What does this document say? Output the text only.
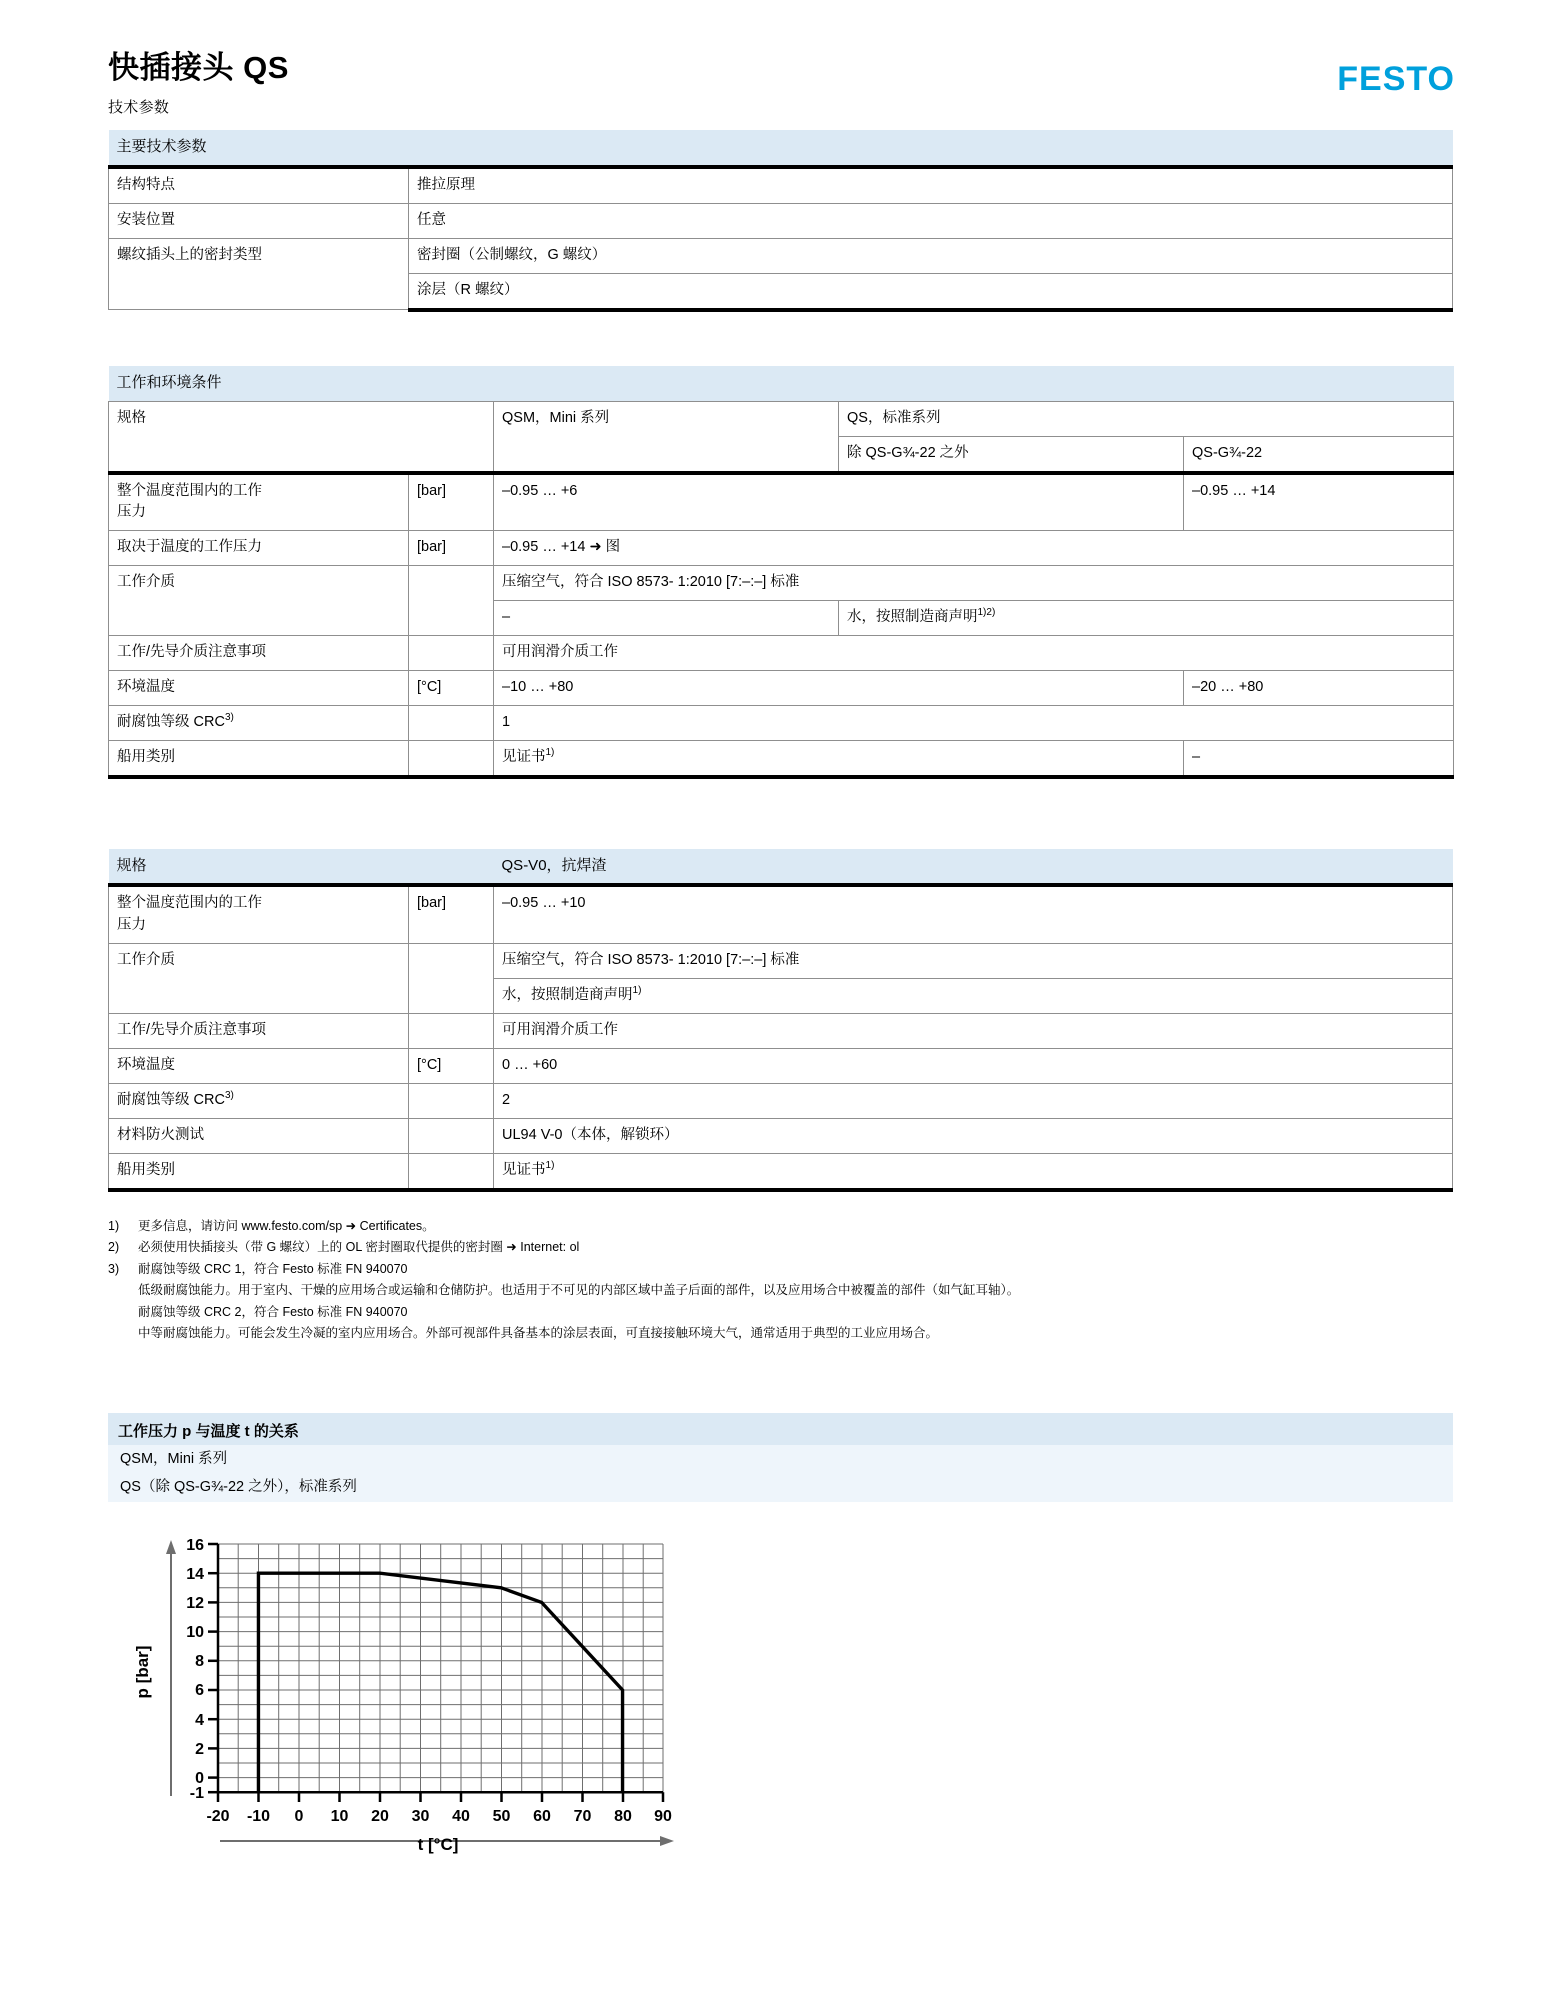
快插接头 QS
技术参数
FESTO
主要技术参数	
结构特点	推拉原理
安装位置	任意
螺纹插头上的密封类型	密封圈（公制螺纹，G 螺纹）
	涂层（R 螺纹）
工作和环境条件				
规格		QSM，Mini 系列	QS，标准系列	
			除 QS-G¾-22 之外	QS-G¾-22
整个温度范围内的工作
压力	[bar]	–0.95 … +6		–0.95 … +14
取决于温度的工作压力	[bar]	–0.95 … +14 ➜ 图		
工作介质		压缩空气，符合 ISO 8573- 1:2010 [7:–:–] 标准		
		–	水，按照制造商声明$^{1)2)}$
工作/先导介质注意事项		可用润滑介质工作		
环境温度	[°C]	–10 … +80		–20 … +80
耐腐蚀等级 CRC$^{3)}$		1		
船用类别		见证书$^{1)}$		–
规格		QS-V0，抗焊渣
整个温度范围内的工作
压力	[bar]	–0.95 … +10
工作介质		压缩空气，符合 ISO 8573- 1:2010 [7:–:–] 标准
		水，按照制造商声明$^{1)}$
工作/先导介质注意事项		可用润滑介质工作
环境温度	[°C]	0 … +60
耐腐蚀等级 CRC$^{3)}$		2
材料防火测试		UL94 V-0（本体，解锁环）
船用类别		见证书$^{1)}$
1)	更多信息，请访问 www.festo.com/sp ➜ Certificates。
2)	必须使用快插接头（带 G 螺纹）上的 OL 密封圈取代提供的密封圈 ➜ Internet: ol
3)	耐腐蚀等级 CRC 1，符合 Festo 标准 FN 940070
低级耐腐蚀能力。用于室内、干燥的应用场合或运输和仓储防护。也适用于不可见的内部区域中盖子后面的部件，以及应用场合中被覆盖的部件（如气缸耳轴）。
耐腐蚀等级 CRC 2，符合 Festo 标准 FN 940070
中等耐腐蚀能力。可能会发生冷凝的室内应用场合。外部可视部件具备基本的涂层表面，可直接接触环境大气，通常适用于典型的工业应用场合。
工作压力 p 与温度 t 的关系
QSM，Mini 系列
QS（除 QS-G¾-22 之外），标准系列
16
14
12
10
8
6
4
2
0
-1
-20 -10 0 10 20 30 40 50 60 70 80 90
p [bar]
t [°C]
